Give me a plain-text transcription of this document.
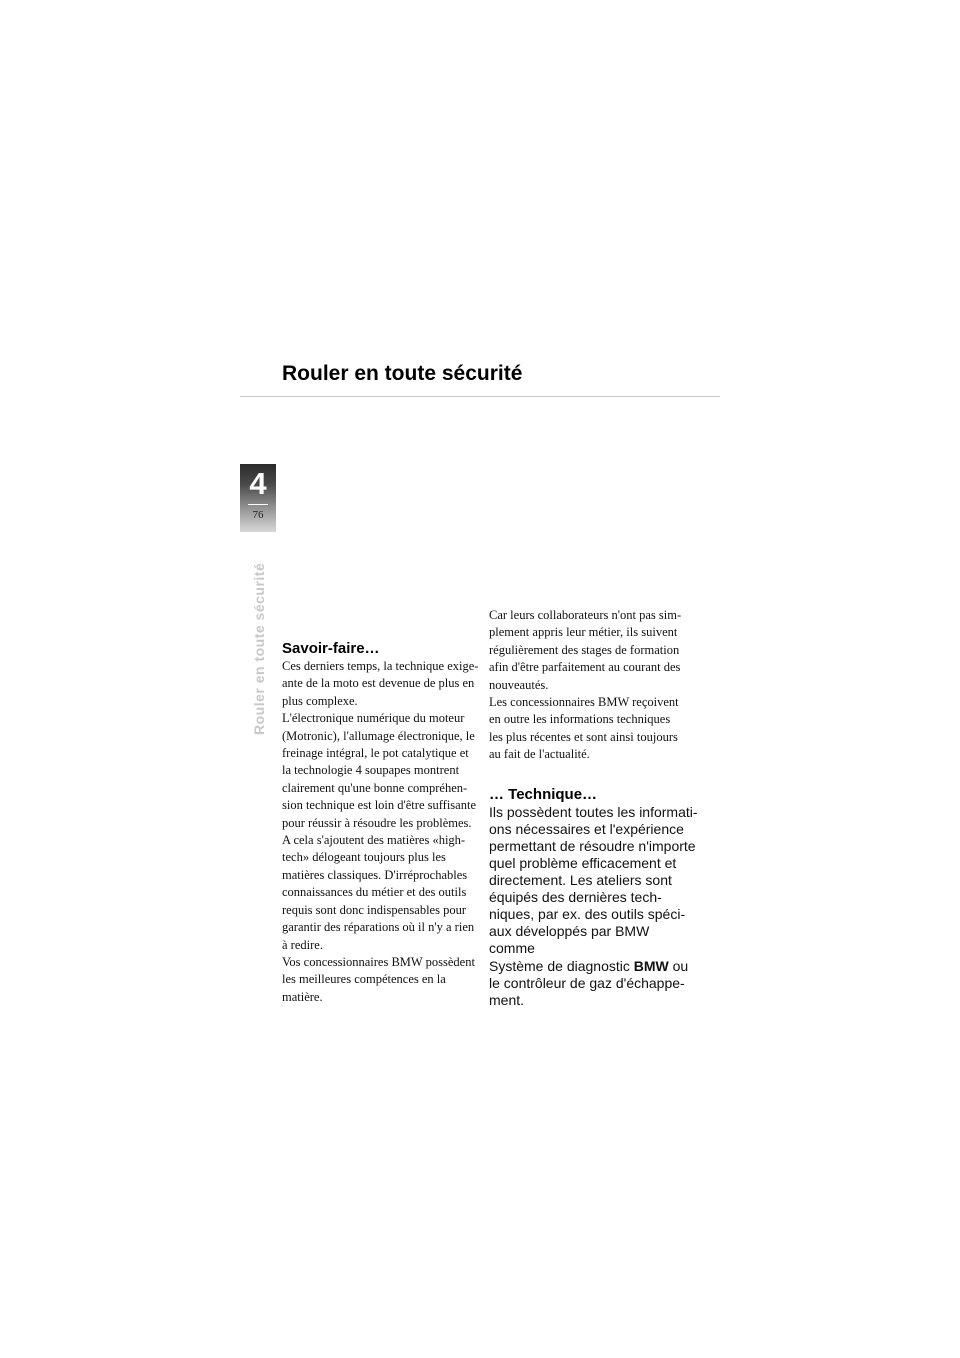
Rouler en toute sécurité
4
76
Rouler en toute sécurité Savoir-faire…
Ces derniers temps, la technique exige-
ante de la moto est devenue de plus en
plus complexe.
L'électronique numérique du moteur
(Motronic), l'allumage électronique, le
freinage intégral, le pot catalytique et
la technologie 4 soupapes montrent
clairement qu'une bonne compréhen-
sion technique est loin d'être suffisante
pour réussir à résoudre les problèmes.
A cela s'ajoutent des matières «high-
tech» délogeant toujours plus les
matières classiques. D'irréprochables
connaissances du métier et des outils
requis sont donc indispensables pour
garantir des réparations où il n'y a rien
à redire.
Vos concessionnaires BMW possèdent
les meilleures compétences en la
matière.
Car leurs collaborateurs n'ont pas sim-
plement appris leur métier, ils suivent
régulièrement des stages de formation
afin d'être parfaitement au courant des
nouveautés.
Les concessionnaires BMW reçoivent
en outre les informations techniques
les plus récentes et sont ainsi toujours
au fait de l'actualité.
… Technique…
Ils possèdent toutes les informati-
ons nécessaires et l'expérience
permettant de résoudre n'importe
quel problème efficacement et
directement. Les ateliers sont
équipés des dernières tech-
niques, par ex. des outils spéci-
aux développés par BMW
comme
Système de diagnostic BMW ou
le contrôleur de gaz d'échappe-
ment.
